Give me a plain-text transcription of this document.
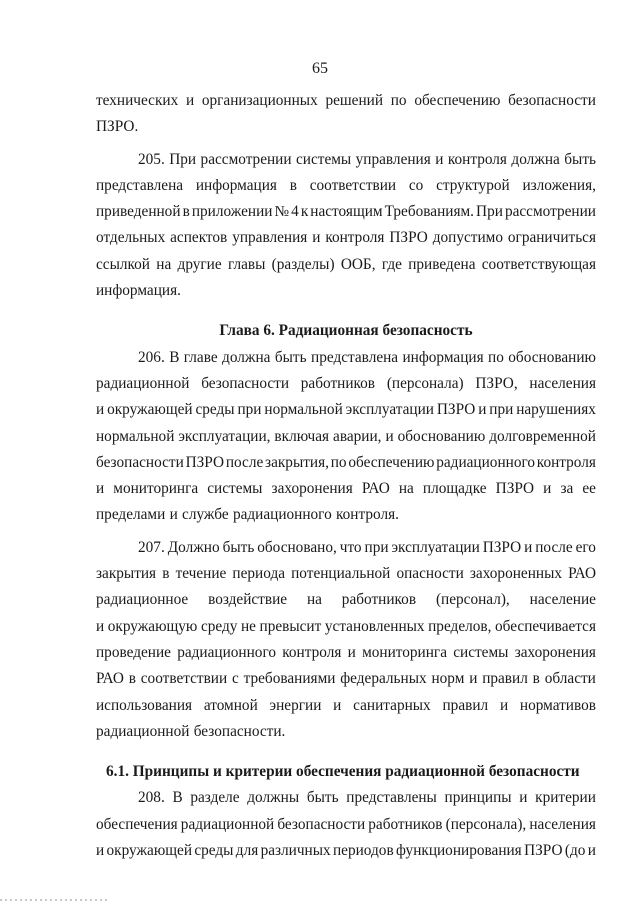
65
технических и организационных решений по обеспечению безопасности
ПЗРО.
205. При рассмотрении системы управления и контроля должна быть
представлена информация в соответствии со структурой изложения,
приведенной в приложении № 4 к настоящим Требованиям. При рассмотрении
отдельных аспектов управления и контроля ПЗРО допустимо ограничиться
ссылкой на другие главы (разделы) ООБ, где приведена соответствующая
информация.
Глава 6. Радиационная безопасность
206. В главе должна быть представлена информация по обоснованию
радиационной безопасности работников (персонала) ПЗРО, населения
и окружающей среды при нормальной эксплуатации ПЗРО и при нарушениях
нормальной эксплуатации, включая аварии, и обоснованию долговременной
безопасности ПЗРО после закрытия, по обеспечению радиационного контроля
и мониторинга системы захоронения РАО на площадке ПЗРО и за ее
пределами и службе радиационного контроля.
207. Должно быть обосновано, что при эксплуатации ПЗРО и после его
закрытия в течение периода потенциальной опасности захороненных РАО
радиационное воздействие на работников (персонал), население
и окружающую среду не превысит установленных пределов, обеспечивается
проведение радиационного контроля и мониторинга системы захоронения
РАО в соответствии с требованиями федеральных норм и правил в области
использования атомной энергии и санитарных правил и нормативов
радиационной безопасности.
6.1. Принципы и критерии обеспечения радиационной безопасности
208. В разделе должны быть представлены принципы и критерии
обеспечения радиационной безопасности работников (персонала), населения
и окружающей среды для различных периодов функционирования ПЗРО (до и
